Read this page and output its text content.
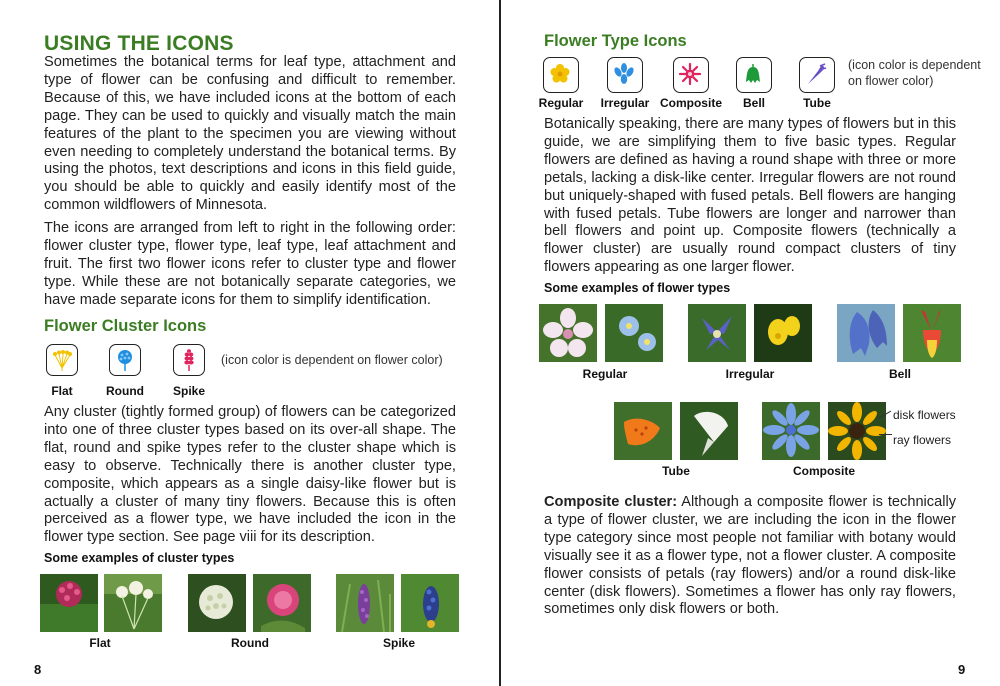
USING THE ICONS

Sometimes the botanical terms for leaf type, attachment and type of flower can be confusing and difficult to remember. Because of this, we have included icons at the bottom of each page. They can be used to quickly and visually match the main features of the plant to the specimen you are viewing without even needing to completely understand the botanical terms. By using the photos, text descriptions and icons in this field guide, you should be able to quickly and easily identify most of the common wildflowers of Minnesota.

The icons are arranged from left to right in the following order: flower cluster type, flower type, leaf type, leaf attachment and fruit. The first two flower icons refer to cluster type and flower type. While these are not botanically separate categories, we have made separate icons for them to simplify identification.

Flower Cluster Icons
Flat	Round	Spike
(icon color is dependent on flower color)

Any cluster (tightly formed group) of flowers can be categorized into one of three cluster types based on its over-all shape. The flat, round and spike types refer to the cluster shape which is easy to observe. Technically there is another cluster type, composite, which appears as a single daisy-like flower but is actually a cluster of many tiny flowers. Because this is often perceived as a flower type, we have included the icon in the flower type section. See page viii for its description.

Some examples of cluster types
Flat	Round	Spike
8
Flower Type Icons
Regular	Irregular Composite	Bell	Tube
(icon color is dependent on flower color)

Botanically speaking, there are many types of flowers but in this guide, we are simplifying them to five basic types. Regular flowers are defined as having a round shape with three or more petals, lacking a disk-like center. Irregular flowers are not round but uniquely-shaped with fused petals. Bell flowers are hanging with fused petals. Tube flowers are longer and narrower than bell flowers and point up. Composite flowers (technically a flower cluster) are usually round compact clusters of tiny flowers appearing as one larger flower.

Some examples of flower types
Regular	Irregular	Bell
Tube	Composite
disk flowers
ray flowers

Composite cluster: Although a composite flower is technically a type of flower cluster, we are including the icon in the flower type category since most people not familiar with botany would visually see it as a flower type, not a flower cluster. A composite flower consists of petals (ray flowers) and/or a round disk-like center (disk flowers). Sometimes a flower has only ray flowers, sometimes only disk flowers or both.

9
